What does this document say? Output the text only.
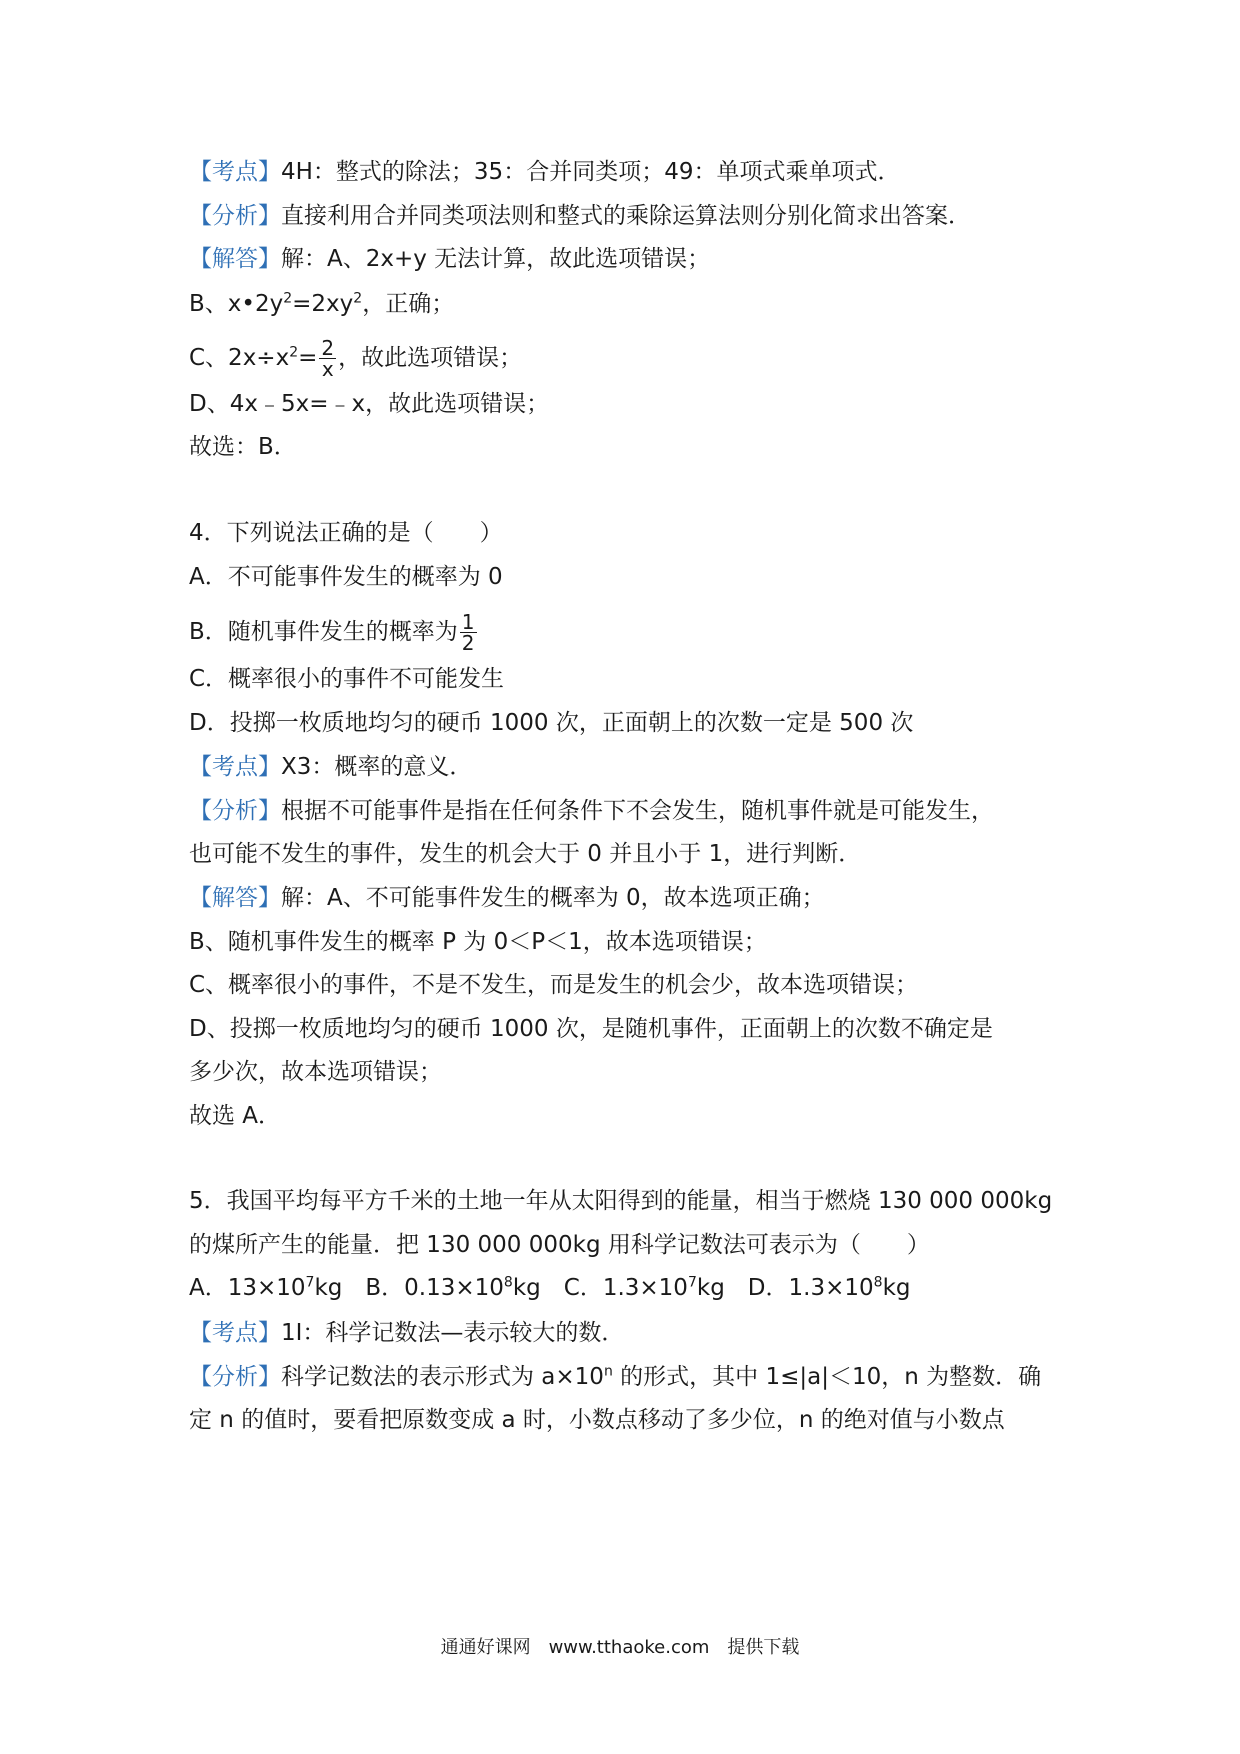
【考点】4H：整式的除法；35：合并同类项；49：单项式乘单项式．
【分析】直接利用合并同类项法则和整式的乘除运算法则分别化简求出答案．
【解答】解：A、2x+y 无法计算，故此选项错误；
B、$x•2y^2=2xy^2$，正确；
C、$2x\div x^2= \frac{2}{x}$ ，故此选项错误；
D、4x﹣5x=﹣x，故此选项错误；
故选：B．
4．下列说法正确的是（　　）
A．不可能事件发生的概率为 0
B．随机事件发生的概率为 $\frac{1}{2}$
C．概率很小的事件不可能发生
D．投掷一枚质地均匀的硬币 1000 次，正面朝上的次数一定是 500 次
【考点】X3：概率的意义．
【分析】根据不可能事件是指在任何条件下不会发生，随机事件就是可能发生，
也可能不发生的事件，发生的机会大于 0 并且小于 1，进行判断．
【解答】解：A、不可能事件发生的概率为 0，故本选项正确；
B、随机事件发生的概率 P 为 0＜P＜1，故本选项错误；
C、概率很小的事件，不是不发生，而是发生的机会少，故本选项错误；
D、投掷一枚质地均匀的硬币 1000 次，是随机事件，正面朝上的次数不确定是
多少次，故本选项错误；
故选 A．
5．我国平均每平方千米的土地一年从太阳得到的能量，相当于燃烧 130 000 000kg
的煤所产生的能量．把 130 000 000kg 用科学记数法可表示为（　　）
A．$13\times 10^7kg$　B．$0.13\times 10^8kg$　C．$1.3\times 10^7kg$　D．$1.3\times 10^8kg$
【考点】1I：科学记数法—表示较大的数．
【分析】科学记数法的表示形式为 $a\times 10^n$ 的形式，其中 1≤|a|＜10，n 为整数．确
定 n 的值时，要看把原数变成 a 时，小数点移动了多少位，n 的绝对值与小数点
通通好课网　www.tthaoke.com　提供下载
